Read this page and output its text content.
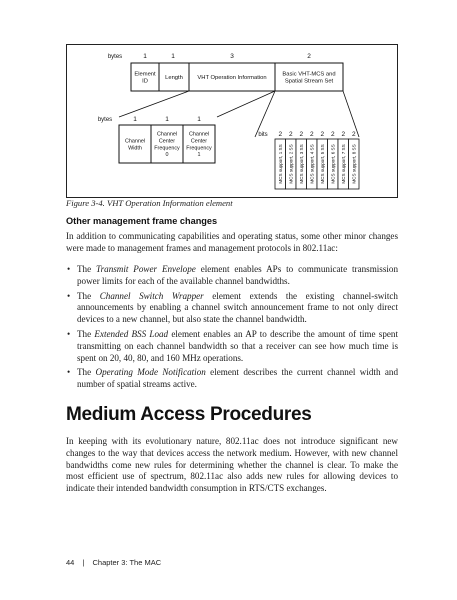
bytes	1	1	3	2
Element
ID
Length	VHT Operation Information
Basic VHT-MCS and
Spatial Stream Set
bytes	1	1	1
Channel
Width
Channel
Center
Frequency
0
Channel
Center
Frequency
1
bits 2 2 2 2 2 2 2 2
MCS support, 1 SS MCS support, 2 SS MCS support, 3 SS MCS support, 4 SS MCS support, 5 SS MCS support, 6 SS MCS support, 7 SS MCS support, 8 SS
Figure 3-4. VHT Operation Information element
Other management frame changes
In addition to communicating capabilities and operating status, some other minor changes were made to management frames and management protocols in 802.11ac:
• The Transmit Power Envelope element enables APs to communicate transmission power limits for each of the available channel bandwidths.
• The Channel Switch Wrapper element extends the existing channel-switch announcements by enabling a channel switch announcement frame to not only direct devices to a new channel, but also state the channel bandwidth.
• The Extended BSS Load element enables an AP to describe the amount of time spent transmitting on each channel bandwidth so that a receiver can see how much time is spent on 20, 40, 80, and 160 MHz operations.
• The Operating Mode Notification element describes the current channel width and number of spatial streams active.
Medium Access Procedures
In keeping with its evolutionary nature, 802.11ac does not introduce significant new changes to the way that devices access the network medium. However, with new channel bandwidths come new rules for determining whether the channel is clear. To make the most efficient use of spectrum, 802.11ac also adds new rules for allowing devices to indicate their intended bandwidth consumption in RTS/CTS exchanges.
44 | Chapter 3: The MAC
